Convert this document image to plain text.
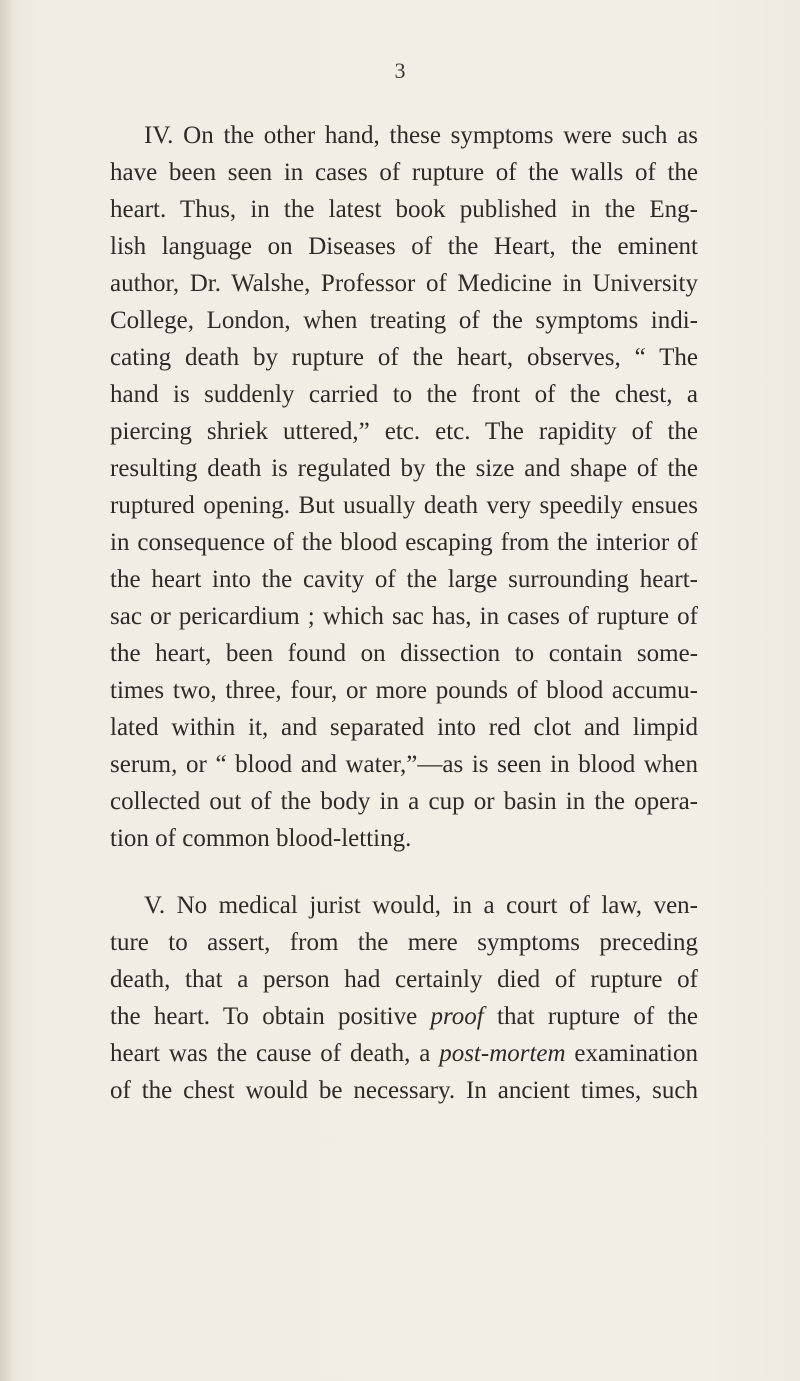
3
IV. On the other hand, these symptoms were such as
have been seen in cases of rupture of the walls of the
heart. Thus, in the latest book published in the Eng-
lish language on Diseases of the Heart, the eminent
author, Dr. Walshe, Professor of Medicine in University
College, London, when treating of the symptoms indi-
cating death by rupture of the heart, observes, “ The
hand is suddenly carried to the front of the chest, a
piercing shriek uttered,” etc. etc. The rapidity of the
resulting death is regulated by the size and shape of the
ruptured opening. But usually death very speedily ensues
in consequence of the blood escaping from the interior of
the heart into the cavity of the large surrounding heart-
sac or pericardium ; which sac has, in cases of rupture of
the heart, been found on dissection to contain some-
times two, three, four, or more pounds of blood accumu-
lated within it, and separated into red clot and limpid
serum, or “ blood and water,”—as is seen in blood when
collected out of the body in a cup or basin in the opera-
tion of common blood-letting.
V. No medical jurist would, in a court of law, ven-
ture to assert, from the mere symptoms preceding
death, that a person had certainly died of rupture of
the heart. To obtain positive proof that rupture of the
heart was the cause of death, a post-mortem examination
of the chest would be necessary. In ancient times, such
